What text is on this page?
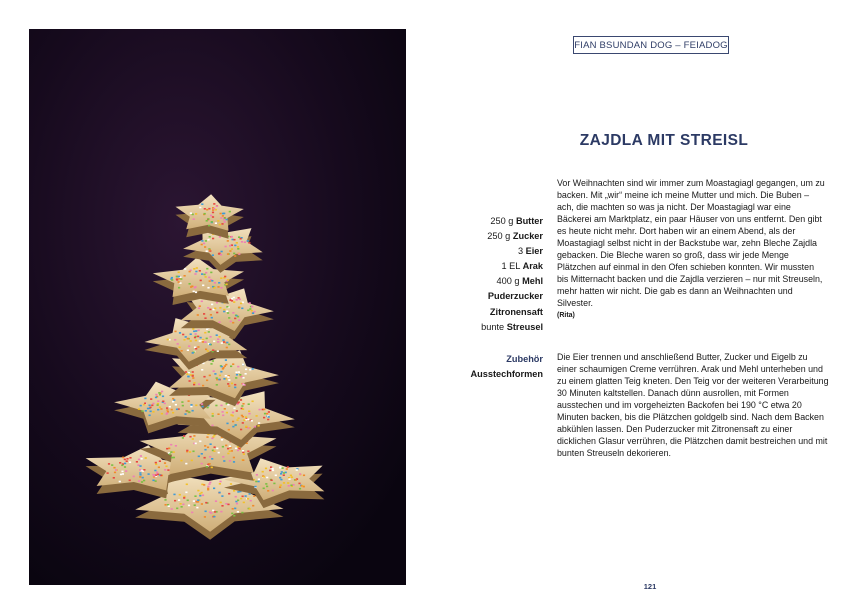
FIAN BSUNDAN DOG – FEIADOG
ZAJDLA MIT STREISL
250 g Butter
250 g Zucker
3 Eier
1 EL Arak
400 g Mehl
Puderzucker
Zitronensaft
bunte Streusel

Vor Weihnachten sind wir immer zum Moastagiagl gegangen, um zu backen. Mit „wir“ meine ich meine Mutter und mich. Die Buben – ach, die machten so was ja nicht. Der Moastagiagl war eine Bäckerei am Marktplatz, ein paar Häuser von uns entfernt. Den gibt es heute nicht mehr. Dort haben wir an einem Abend, als der Moastagiagl selbst nicht in der Backstube war, zehn Bleche Zajdla gebacken. Die Bleche waren so groß, dass wir jede Menge Plätzchen auf einmal in den Ofen schieben konnten. Wir mussten bis Mitternacht backen und die Zajdla verzieren – nur mit Streuseln, mehr hatten wir nicht. Die gab es dann an Weihnachten und Silvester.

(Rita)
Zubehör
Ausstechformen

Die Eier trennen und anschließend Butter, Zucker und Eigelb zu einer schaumigen Creme verrühren. Arak und Mehl unterheben und zu einem glatten Teig kneten. Den Teig vor der weiteren Verarbeitung 30 Minuten kaltstellen. Danach dünn ausrollen, mit Formen ausstechen und im vorgeheizten Backofen bei 190 °C etwa 20 Minuten backen, bis die Plätzchen goldgelb sind. Nach dem Backen abkühlen lassen. Den Puderzucker mit Zitronensaft zu einer dicklichen Glasur verrühren, die Plätzchen damit bestreichen und mit bunten Streuseln dekorieren.

121
